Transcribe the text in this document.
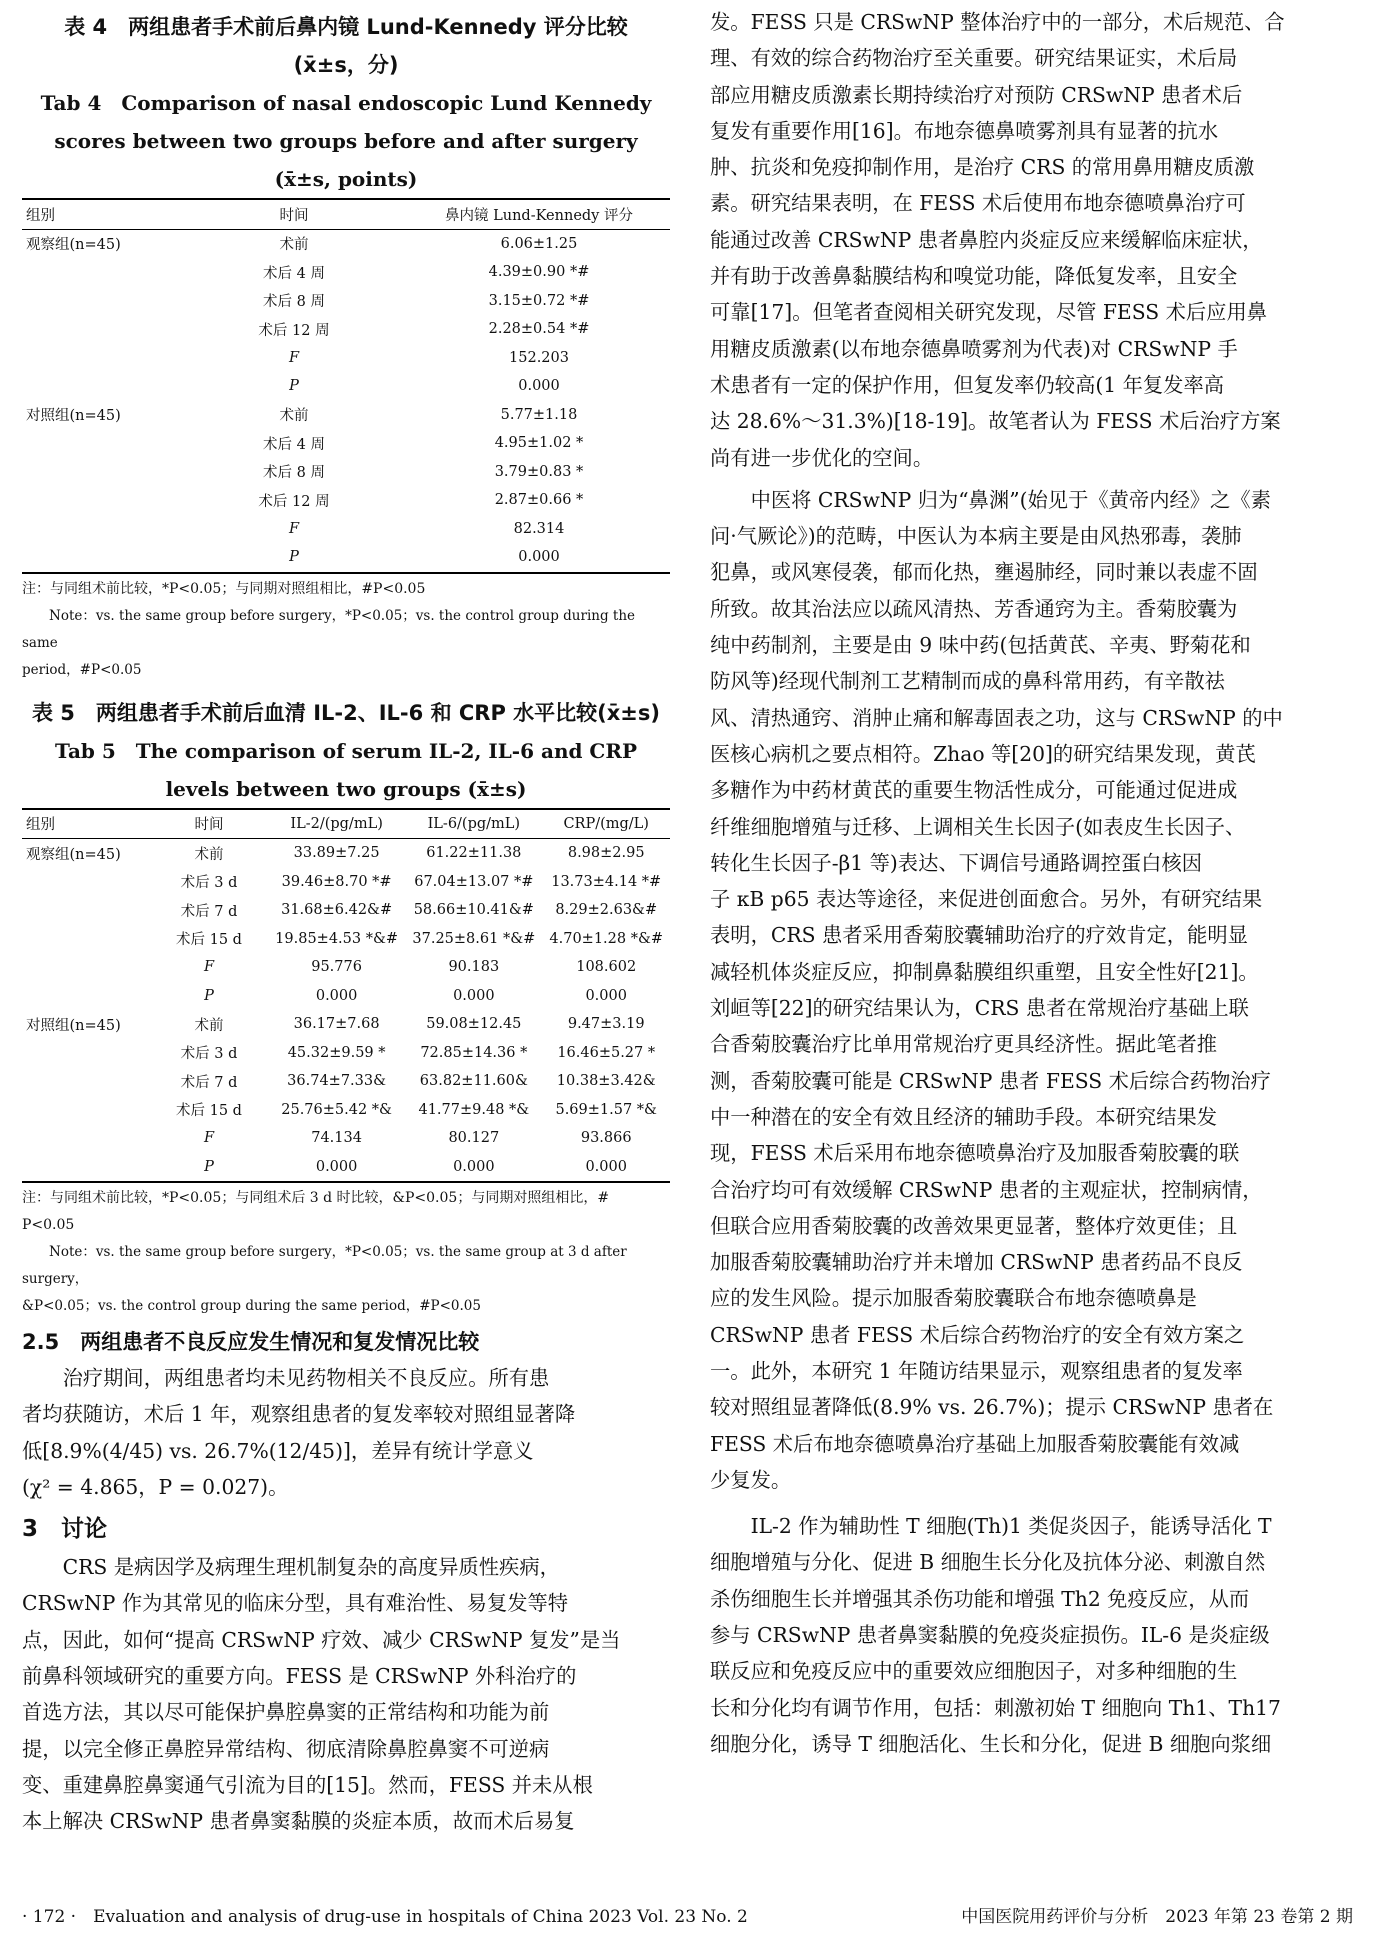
表 4　两组患者手术前后鼻内镜 Lund-Kennedy 评分比较
(x̄±s，分)
Tab 4　Comparison of nasal endoscopic Lund Kennedy
scores between two groups before and after surgery
(x̄±s, points)
组别	时间	鼻内镜 Lund-Kennedy 评分
观察组(n=45)	术前	6.06±1.25
	术后 4 周	4.39±0.90 *#
	术后 8 周	3.15±0.72 *#
	术后 12 周	2.28±0.54 *#
	F	152.203
	P	0.000
对照组(n=45)	术前	5.77±1.18
	术后 4 周	4.95±1.02 *
	术后 8 周	3.79±0.83 *
	术后 12 周	2.87±0.66 *
	F	82.314
	P	0.000
注：与同组术前比较，*P<0.05；与同期对照组相比，#P<0.05
Note：vs. the same group before surgery，*P<0.05；vs. the control group during the same
period，#P<0.05
表 5　两组患者手术前后血清 IL-2、IL-6 和 CRP 水平比较(x̄±s)
Tab 5　The comparison of serum IL-2, IL-6 and CRP
levels between two groups (x̄±s)
组别	时间	IL-2/(pg/mL)	IL-6/(pg/mL)	CRP/(mg/L)
观察组(n=45)	术前	33.89±7.25	61.22±11.38	8.98±2.95
	术后 3 d	39.46±8.70 *#	67.04±13.07 *#	13.73±4.14 *#
	术后 7 d	31.68±6.42&#	58.66±10.41&#	8.29±2.63&#
	术后 15 d	19.85±4.53 *&#	37.25±8.61 *&#	4.70±1.28 *&#
	F	95.776	90.183	108.602
	P	0.000	0.000	0.000
对照组(n=45)	术前	36.17±7.68	59.08±12.45	9.47±3.19
	术后 3 d	45.32±9.59 *	72.85±14.36 *	16.46±5.27 *
	术后 7 d	36.74±7.33&	63.82±11.60&	10.38±3.42&
	术后 15 d	25.76±5.42 *&	41.77±9.48 *&	5.69±1.57 *&
	F	74.134	80.127	93.866
	P	0.000	0.000	0.000
注：与同组术前比较，*P<0.05；与同组术后 3 d 时比较，&P<0.05；与同期对照组相比，#
P<0.05
Note：vs. the same group before surgery，*P<0.05；vs. the same group at 3 d after surgery，
&P<0.05；vs. the control group during the same period，#P<0.05
2.5　两组患者不良反应发生情况和复发情况比较
　　治疗期间，两组患者均未见药物相关不良反应。所有患
者均获随访，术后 1 年，观察组患者的复发率较对照组显著降
低[8.9%(4/45) vs. 26.7%(12/45)]，差异有统计学意义
(χ² = 4.865，P = 0.027)。
3　讨论
　　CRS 是病因学及病理生理机制复杂的高度异质性疾病，
CRSwNP 作为其常见的临床分型，具有难治性、易复发等特
点，因此，如何“提高 CRSwNP 疗效、减少 CRSwNP 复发”是当
前鼻科领域研究的重要方向。FESS 是 CRSwNP 外科治疗的
首选方法，其以尽可能保护鼻腔鼻窦的正常结构和功能为前
提，以完全修正鼻腔异常结构、彻底清除鼻腔鼻窦不可逆病
变、重建鼻腔鼻窦通气引流为目的[15]。然而，FESS 并未从根
本上解决 CRSwNP 患者鼻窦黏膜的炎症本质，故而术后易复
发。FESS 只是 CRSwNP 整体治疗中的一部分，术后规范、合
理、有效的综合药物治疗至关重要。研究结果证实，术后局
部应用糖皮质激素长期持续治疗对预防 CRSwNP 患者术后
复发有重要作用[16]。布地奈德鼻喷雾剂具有显著的抗水
肿、抗炎和免疫抑制作用，是治疗 CRS 的常用鼻用糖皮质激
素。研究结果表明，在 FESS 术后使用布地奈德喷鼻治疗可
能通过改善 CRSwNP 患者鼻腔内炎症反应来缓解临床症状，
并有助于改善鼻黏膜结构和嗅觉功能，降低复发率，且安全
可靠[17]。但笔者查阅相关研究发现，尽管 FESS 术后应用鼻
用糖皮质激素(以布地奈德鼻喷雾剂为代表)对 CRSwNP 手
术患者有一定的保护作用，但复发率仍较高(1 年复发率高
达 28.6%～31.3%)[18-19]。故笔者认为 FESS 术后治疗方案
尚有进一步优化的空间。
　　中医将 CRSwNP 归为“鼻渊”(始见于《黄帝内经》之《素
问·气厥论》)的范畴，中医认为本病主要是由风热邪毒，袭肺
犯鼻，或风寒侵袭，郁而化热，壅遏肺经，同时兼以表虚不固
所致。故其治法应以疏风清热、芳香通窍为主。香菊胶囊为
纯中药制剂，主要是由 9 味中药(包括黄芪、辛夷、野菊花和
防风等)经现代制剂工艺精制而成的鼻科常用药，有辛散祛
风、清热通窍、消肿止痛和解毒固表之功，这与 CRSwNP 的中
医核心病机之要点相符。Zhao 等[20]的研究结果发现，黄芪
多糖作为中药材黄芪的重要生物活性成分，可能通过促进成
纤维细胞增殖与迁移、上调相关生长因子(如表皮生长因子、
转化生长因子-β1 等)表达、下调信号通路调控蛋白核因
子 κB p65 表达等途径，来促进创面愈合。另外，有研究结果
表明，CRS 患者采用香菊胶囊辅助治疗的疗效肯定，能明显
减轻机体炎症反应，抑制鼻黏膜组织重塑，且安全性好[21]。
刘峘等[22]的研究结果认为，CRS 患者在常规治疗基础上联
合香菊胶囊治疗比单用常规治疗更具经济性。据此笔者推
测，香菊胶囊可能是 CRSwNP 患者 FESS 术后综合药物治疗
中一种潜在的安全有效且经济的辅助手段。本研究结果发
现，FESS 术后采用布地奈德喷鼻治疗及加服香菊胶囊的联
合治疗均可有效缓解 CRSwNP 患者的主观症状，控制病情，
但联合应用香菊胶囊的改善效果更显著，整体疗效更佳；且
加服香菊胶囊辅助治疗并未增加 CRSwNP 患者药品不良反
应的发生风险。提示加服香菊胶囊联合布地奈德喷鼻是
CRSwNP 患者 FESS 术后综合药物治疗的安全有效方案之
一。此外，本研究 1 年随访结果显示，观察组患者的复发率
较对照组显著降低(8.9% vs. 26.7%)；提示 CRSwNP 患者在
FESS 术后布地奈德喷鼻治疗基础上加服香菊胶囊能有效减
少复发。
　　IL-2 作为辅助性 T 细胞(Th)1 类促炎因子，能诱导活化 T
细胞增殖与分化、促进 B 细胞生长分化及抗体分泌、刺激自然
杀伤细胞生长并增强其杀伤功能和增强 Th2 免疫反应，从而
参与 CRSwNP 患者鼻窦黏膜的免疫炎症损伤。IL-6 是炎症级
联反应和免疫反应中的重要效应细胞因子，对多种细胞的生
长和分化均有调节作用，包括：刺激初始 T 细胞向 Th1、Th17
细胞分化，诱导 T 细胞活化、生长和分化，促进 B 细胞向浆细
· 172 ·　Evaluation and analysis of drug-use in hospitals of China 2023 Vol. 23 No. 2	中国医院用药评价与分析　2023 年第 23 卷第 2 期
